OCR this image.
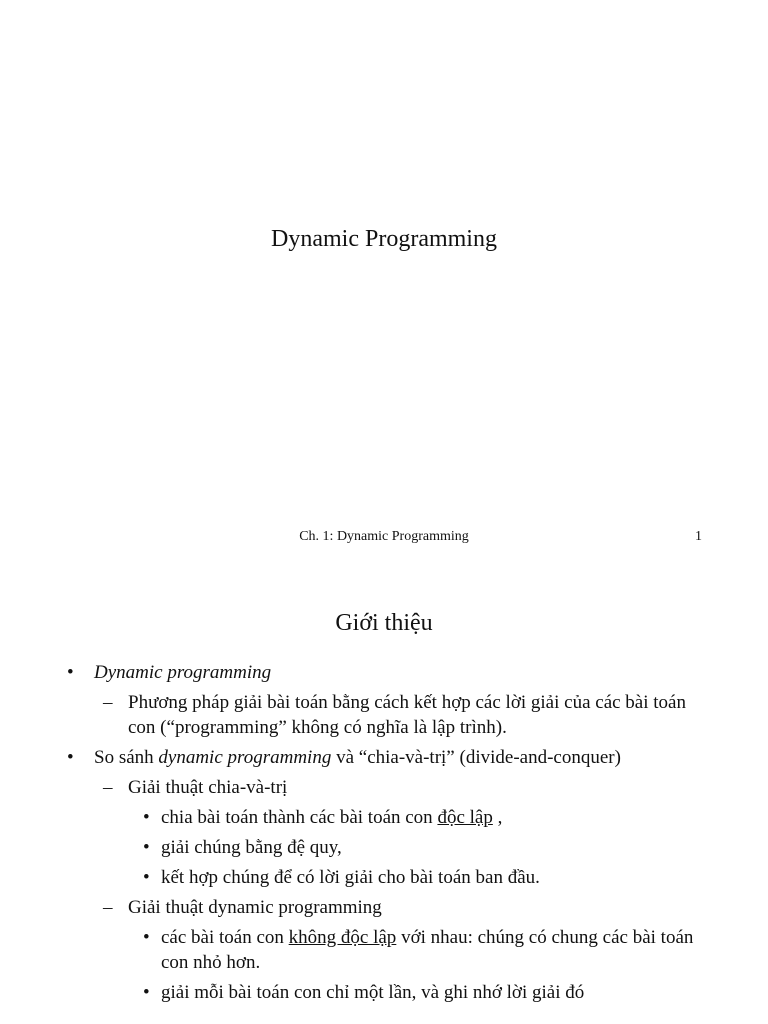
Dynamic Programming
Ch. 1: Dynamic Programming	1
Giới thiệu
• Dynamic programming
– Phương pháp giải bài toán bằng cách kết hợp các lời giải của các bài toán con (“programming” không có nghĩa là lập trình).
• So sánh dynamic programming và “chia-và-trị” (divide-and-conquer)
– Giải thuật chia-và-trị
• chia bài toán thành các bài toán con độc lập ,
• giải chúng bằng đệ quy,
• kết hợp chúng để có lời giải cho bài toán ban đầu.
– Giải thuật dynamic programming
• các bài toán con không độc lập với nhau: chúng có chung các bài toán con nhỏ hơn.
• giải mỗi bài toán con chỉ một lần, và ghi nhớ lời giải đó
